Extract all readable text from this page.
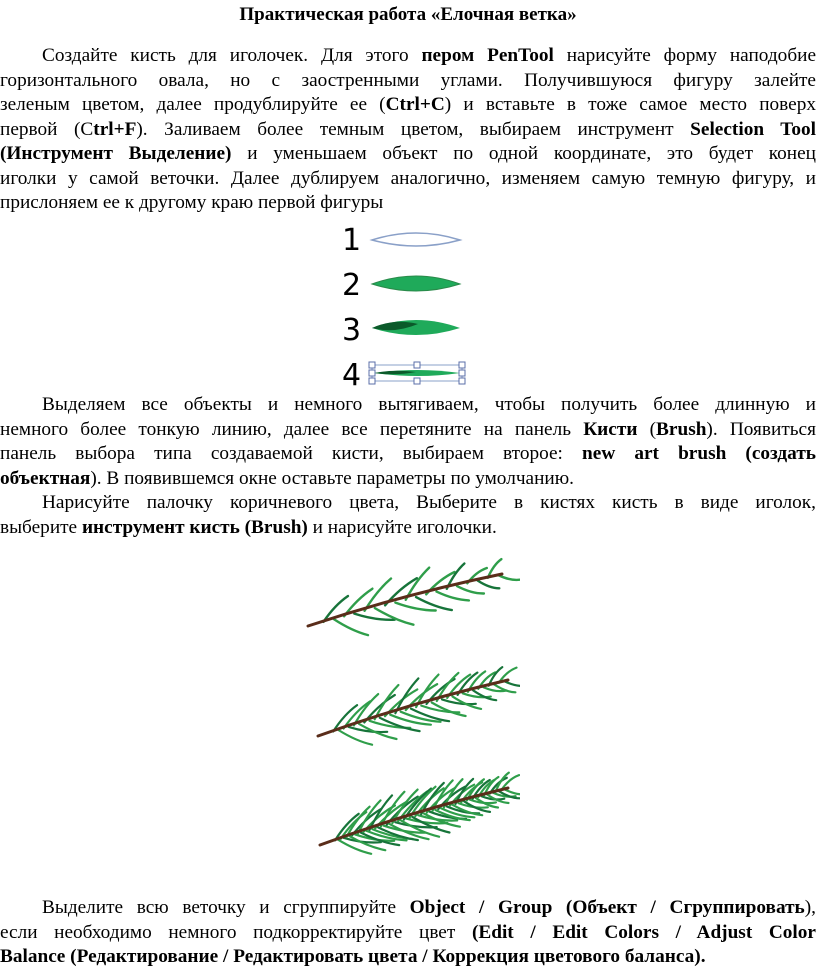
Практическая работа «Елочная ветка»
Создайте кисть для иголочек. Для этого пером PenTool нарисуйте форму наподобие
горизонтального овала, но с заостренными углами. Получившуюся фигуру залейте
зеленым цветом, далее продублируйте ее (Ctrl+C) и вставьте в тоже самое место поверх
первой (Ctrl+F). Заливаем более темным цветом, выбираем инструмент Selection Tool
(Инструмент Выделение) и уменьшаем объект по одной координате, это будет конец
иголки у самой веточки. Далее дублируем аналогично, изменяем самую темную фигуру, и
прислоняем ее к другому краю первой фигуры
1
2
3
4
Выделяем все объекты и немного вытягиваем, чтобы получить более длинную и
немного более тонкую линию, далее все перетяните на панель Кисти (Brush). Появиться
панель выбора типа создаваемой кисти, выбираем второе: new art brush (создать
объектная). В появившемся окне оставьте параметры по умолчанию.
Нарисуйте палочку коричневого цвета, Выберите в кистях кисть в виде иголок,
выберите инструмент кисть (Brush) и нарисуйте иголочки.
Выделите всю веточку и сгруппируйте Object / Group (Объект / Сгруппировать),
если необходимо немного подкорректируйте цвет (Edit / Edit Colors / Adjust Color
Balance (Редактирование / Редактировать цвета / Коррекция цветового баланса).
